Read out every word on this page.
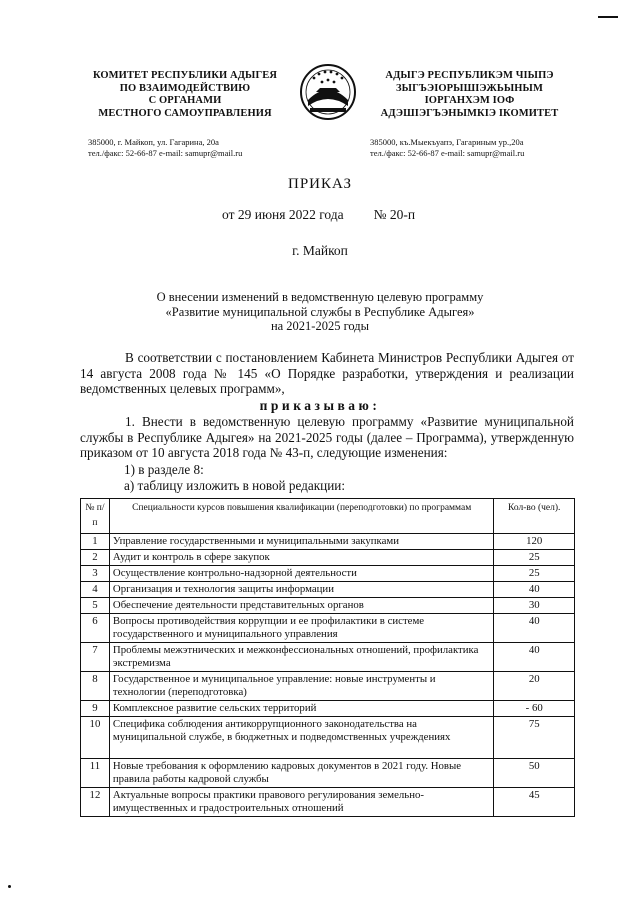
КОМИТЕТ РЕСПУБЛИКИ АДЫГЕЯ
ПО ВЗАИМОДЕЙСТВИЮ
С ОРГАНАМИ
МЕСТНОГО САМОУПРАВЛЕНИЯ
АДЫГЭ РЕСПУБЛИКЭМ ЧIЫПЭ
ЗЫГЪЭIОРЫШIЭЖЬЫНЫМ
IОРГАНХЭМ IОФ
АДЭШIЭГЪЭНЫМКIЭ IКОМИТЕТ
385000, г. Майкоп, ул. Гагарина, 20а
тел./факс: 52-66-87 e-mail: samupr@mail.ru
385000, къ.Мыекъуапэ, Гагариным ур.,20а
тел./факс: 52-66-87 e-mail: samupr@mail.ru
ПРИКАЗ
от 29 июня 2022 года № 20-п
г. Майкоп
О внесении изменений в ведомственную целевую программу
«Развитие муниципальной службы в Республике Адыгея»
на 2021-2025 годы
В соответствии с постановлением Кабинета Министров Республики Адыгея от 14 августа 2008 года № 145 «О Порядке разработки, утверждения и реализации ведомственных целевых программ»,
приказываю:
1. Внести в ведомственную целевую программу «Развитие муниципальной службы в Республике Адыгея» на 2021-2025 годы (далее – Программа), утвержденную приказом от 10 августа 2018 года № 43-п, следующие изменения:
1) в разделе 8:
а) таблицу изложить в новой редакции:
№ п/п	Специальности курсов повышения квалификации (переподготовки) по программам	Кол-во (чел).
1	Управление государственными и муниципальными закупками	120
2	Аудит и контроль в сфере закупок	25
3	Осуществление контрольно-надзорной деятельности	25
4	Организация и технология защиты информации	40
5	Обеспечение деятельности представительных органов	30
6	Вопросы противодействия коррупции и ее профилактики в системе государственного и муниципального управления	40
7	Проблемы межэтнических и межконфессиональных отношений, профилактика экстремизма	40
8	Государственное и муниципальное управление: новые инструменты и технологии (переподготовка)	20
9	Комплексное развитие сельских территорий	- 60
10	Специфика соблюдения антикоррупционного законодательства на муниципальной службе, в бюджетных и подведомственных учреждениях	75
11	Новые требования к оформлению кадровых документов в 2021 году. Новые правила работы кадровой службы	50
12	Актуальные вопросы практики правового регулирования земельно-имущественных и градостроительных отношений	45
